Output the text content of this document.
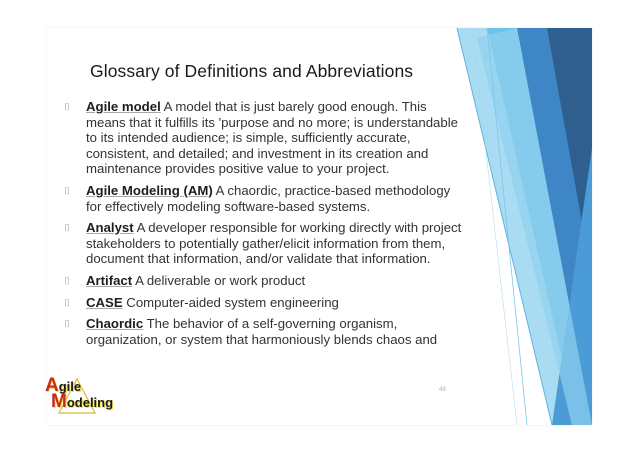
Glossary of Definitions and Abbreviations
⌷	Agile model A model that is just barely good enough. This means that it fulfills its 'purpose and no more; is understandable to its intended audience; is simple, sufficiently accurate, consistent, and detailed; and investment in its creation and maintenance provides positive value to your project.
⌷	Agile Modeling (AM) A chaordic, practice-based methodology for effectively modeling software-based systems.
⌷	Analyst A developer responsible for working directly with project stakeholders to potentially gather/elicit information from them, document that information, and/or validate that information.
⌷	Artifact A deliverable or work product
⌷	CASE Computer-aided system engineering
⌷	Chaordic The behavior of a self-governing organism, organization, or system that harmoniously blends chaos and
49
Agile
Modeling
